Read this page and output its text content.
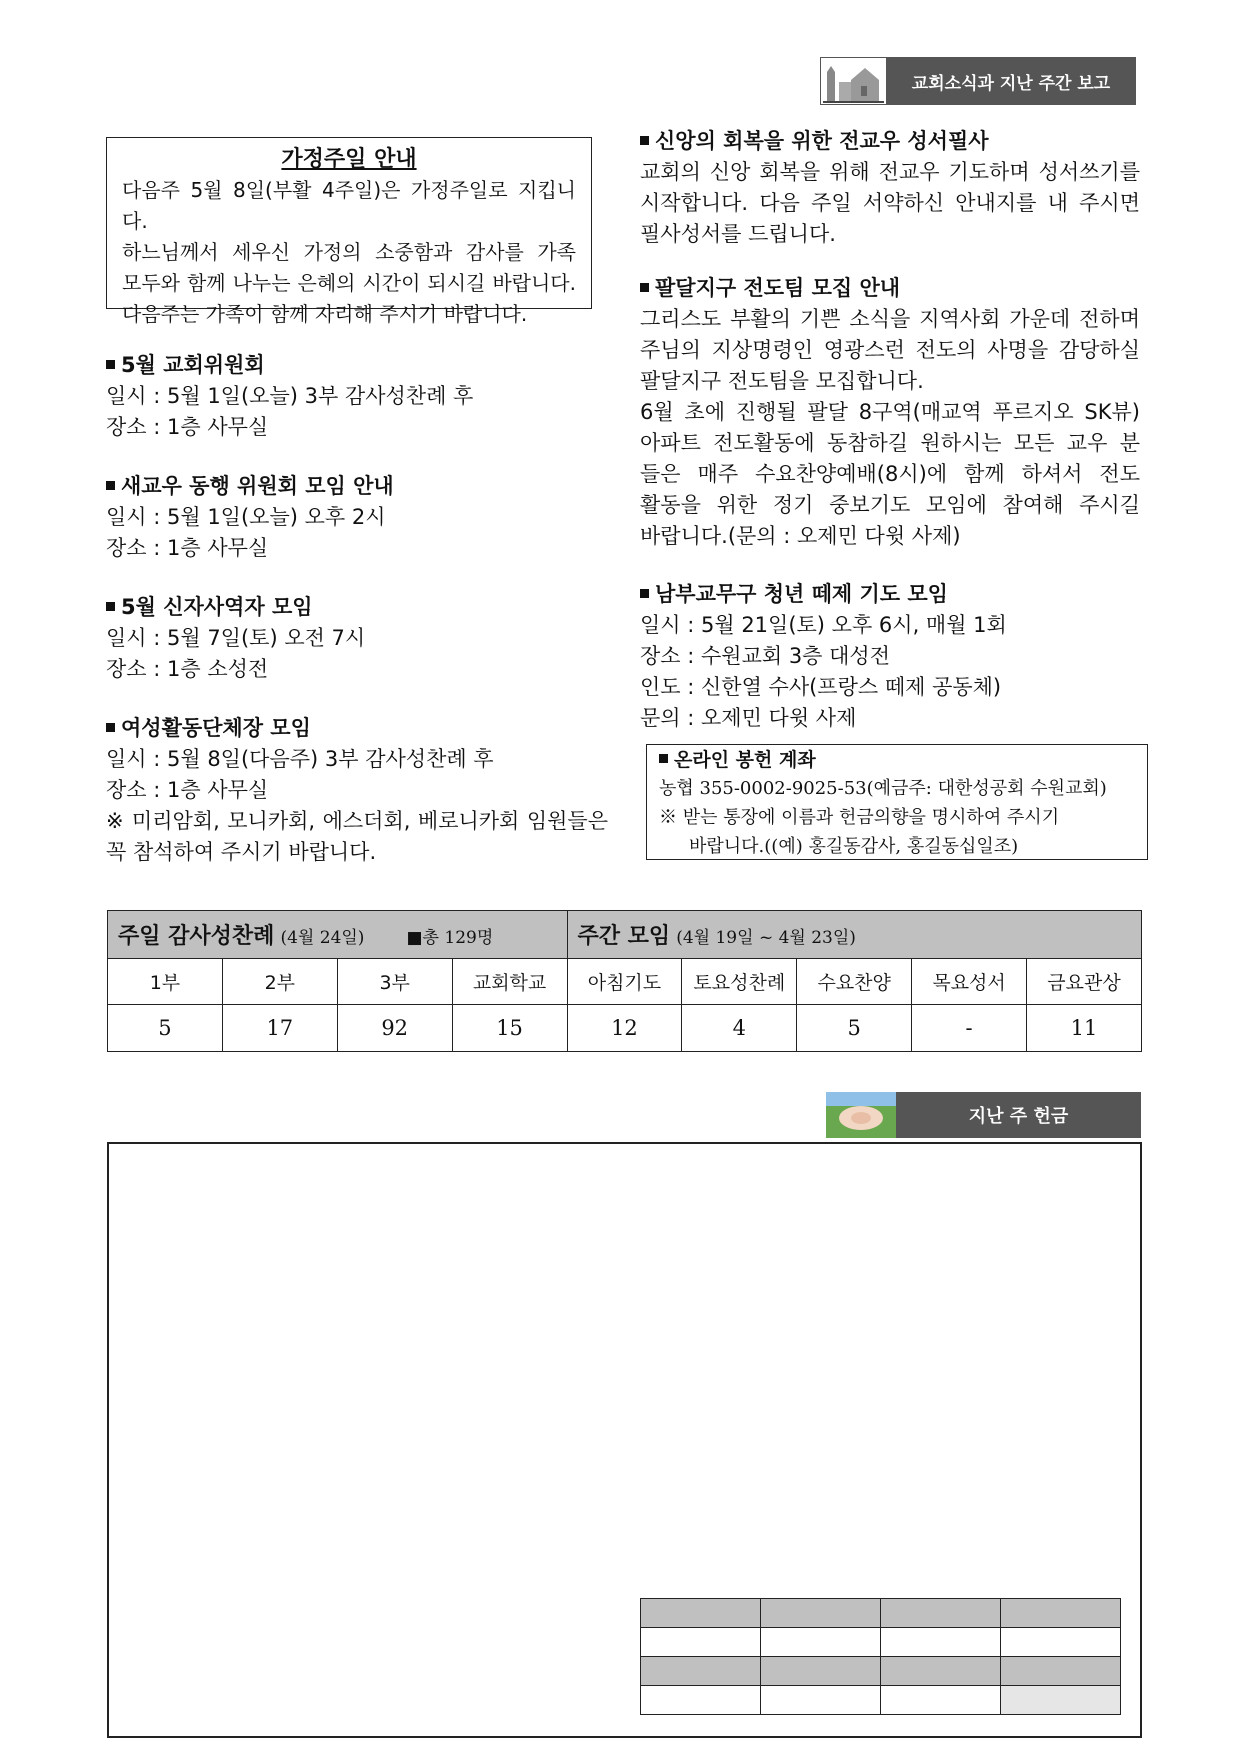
교회소식과 지난 주간 보고
가정주일 안내
다음주 5월 8일(부활 4주일)은 가정주일로 지킵니다.
하느님께서 세우신 가정의 소중함과 감사를 가족
모두와 함께 나누는 은혜의 시간이 되시길 바랍니다.
다음주는 가족이 함께 자리해 주시기 바랍니다.
5월 교회위원회

일시 : 5월 1일(오늘) 3부 감사성찬례 후

장소 : 1층 사무실

새교우 동행 위원회 모임 안내

일시 : 5월 1일(오늘) 오후 2시

장소 : 1층 사무실

5월 신자사역자 모임

일시 : 5월 7일(토) 오전 7시

장소 : 1층 소성전

여성활동단체장 모임

일시 : 5월 8일(다음주) 3부 감사성찬례 후

장소 : 1층 사무실

※ 미리암회, 모니카회, 에스더회, 베로니카회 임원들은

꼭 참석하여 주시기 바랍니다.

신앙의 회복을 위한 전교우 성서필사

교회의 신앙 회복을 위해 전교우 기도하며 성서쓰기를

시작합니다. 다음 주일 서약하신 안내지를 내 주시면

필사성서를 드립니다.

팔달지구 전도팀 모집 안내

그리스도 부활의 기쁜 소식을 지역사회 가운데 전하며

주님의 지상명령인 영광스런 전도의 사명을 감당하실

팔달지구 전도팀을 모집합니다.

6월 초에 진행될 팔달 8구역(매교역 푸르지오 SK뷰)

아파트 전도활동에 동참하길 원하시는 모든 교우 분

들은 매주 수요찬양예배(8시)에 함께 하셔서 전도

활동을 위한 정기 중보기도 모임에 참여해 주시길

바랍니다.(문의 : 오제민 다윗 사제)

남부교무구 청년 떼제 기도 모임

일시 : 5월 21일(토) 오후 6시, 매월 1회

장소 : 수원교회 3층 대성전

인도 : 신한열 수사(프랑스 떼제 공동체)

문의 : 오제민 다윗 사제

온라인 봉헌 계좌
농협 355-0002-9025-53(예금주: 대한성공회 수원교회)
※ 받는 통장에 이름과 헌금의향을 명시하여 주시기
바랍니다.((예) 홍길동감사, 홍길동십일조)
주일 감사성찬례 (4월 24일) ■총 129명				주간 모임 (4월 19일 ~ 4월 23일)				
1부	2부	3부	교회학교	아침기도	토요성찬례	수요찬양	목요성서	금요관상
5	17	92	15	12	4	5	-	11
지난 주 헌금
